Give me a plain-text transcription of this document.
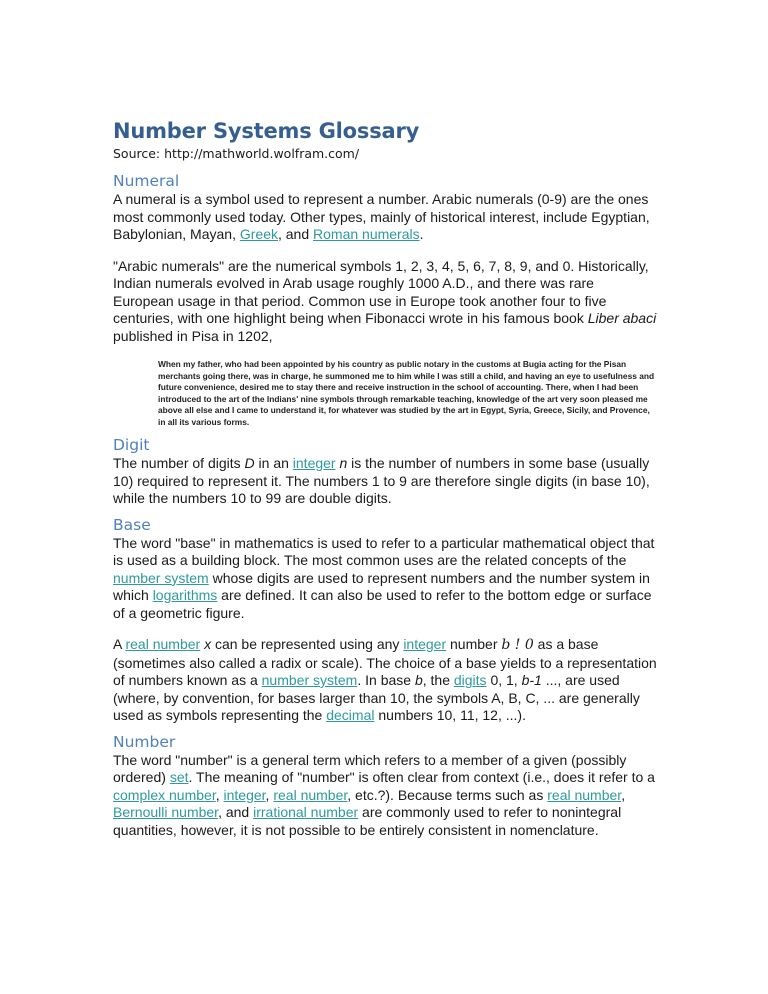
Number Systems Glossary
Source: http://mathworld.wolfram.com/
Numeral

A numeral is a symbol used to represent a number. Arabic numerals (0-9) are the ones most commonly used today. Other types, mainly of historical interest, include Egyptian, Babylonian, Mayan, Greek, and Roman numerals.

"Arabic numerals" are the numerical symbols 1, 2, 3, 4, 5, 6, 7, 8, 9, and 0. Historically, Indian numerals evolved in Arab usage roughly 1000 A.D., and there was rare European usage in that period. Common use in Europe took another four to five centuries, with one highlight being when Fibonacci wrote in his famous book Liber abaci published in Pisa in 1202,

When my father, who had been appointed by his country as public notary in the customs at Bugia acting for the Pisan merchants going there, was in charge, he summoned me to him while I was still a child, and having an eye to usefulness and future convenience, desired me to stay there and receive instruction in the school of accounting. There, when I had been introduced to the art of the Indians' nine symbols through remarkable teaching, knowledge of the art very soon pleased me above all else and I came to understand it, for whatever was studied by the art in Egypt, Syria, Greece, Sicily, and Provence, in all its various forms.
Digit

The number of digits D in an integer n is the number of numbers in some base (usually 10) required to represent it. The numbers 1 to 9 are therefore single digits (in base 10), while the numbers 10 to 99 are double digits.

Base

The word "base" in mathematics is used to refer to a particular mathematical object that is used as a building block. The most common uses are the related concepts of the number system whose digits are used to represent numbers and the number system in which logarithms are defined. It can also be used to refer to the bottom edge or surface of a geometric figure.

A real number x can be represented using any integer number b ! 0 as a base (sometimes also called a radix or scale). The choice of a base yields to a representation of numbers known as a number system. In base b, the digits 0, 1, b-1 ..., are used (where, by convention, for bases larger than 10, the symbols A, B, C, ... are generally used as symbols representing the decimal numbers 10, 11, 12, ...).

Number

The word "number" is a general term which refers to a member of a given (possibly ordered) set. The meaning of "number" is often clear from context (i.e., does it refer to a complex number, integer, real number, etc.?). Because terms such as real number, Bernoulli number, and irrational number are commonly used to refer to nonintegral quantities, however, it is not possible to be entirely consistent in nomenclature.
